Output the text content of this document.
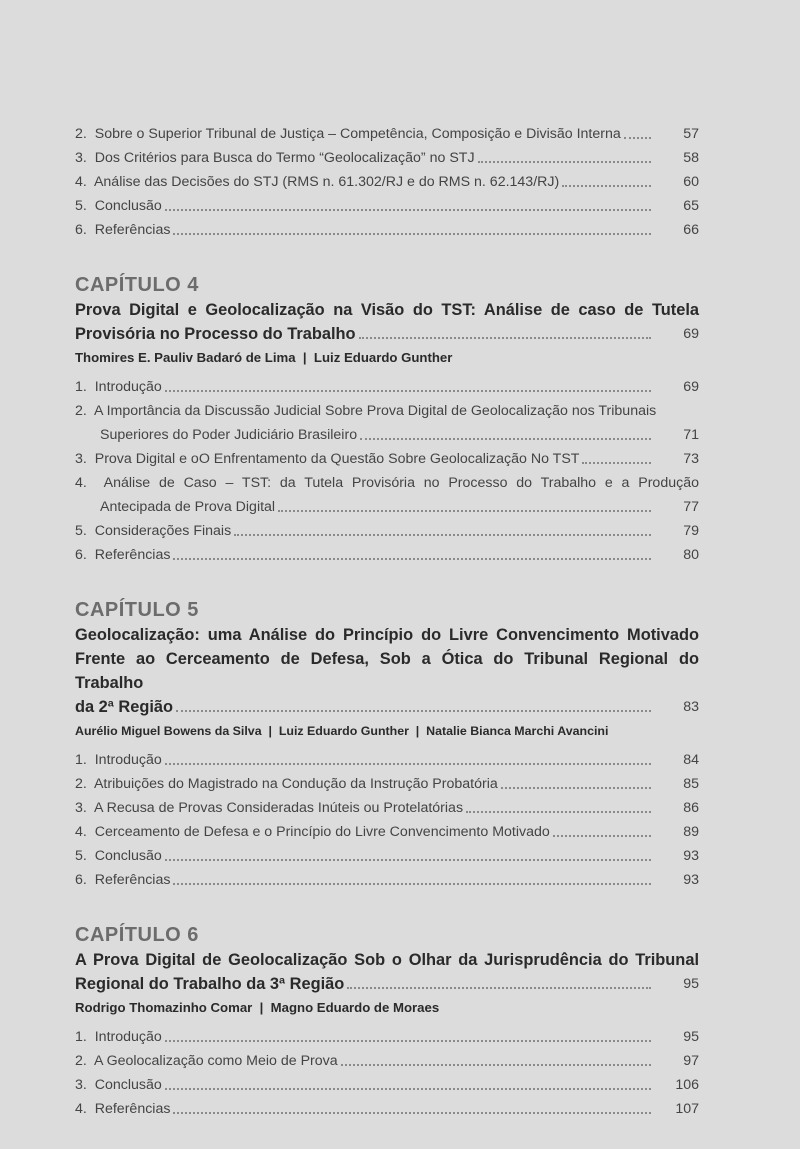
2. Sobre o Superior Tribunal de Justiça – Competência, Composição e Divisão Interna	57
3. Dos Critérios para Busca do Termo “Geolocalização” no STJ	58
4. Análise das Decisões do STJ (RMS n. 61.302/RJ e do RMS n. 62.143/RJ)	60
5. Conclusão	65
6. Referências	66
CAPÍTULO 4
Prova Digital e Geolocalização na Visão do TST: Análise de caso de Tutela
Provisória no Processo do Trabalho	69
Thomires E. Pauliv Badaró de Lima  |  Luiz Eduardo Gunther
1. Introdução	69
2. A Importância da Discussão Judicial Sobre Prova Digital de Geolocalização nos Tribunais
Superiores do Poder Judiciário Brasileiro	71
3. Prova Digital e oO Enfrentamento da Questão Sobre Geolocalização No TST	73
4. Análise de Caso – TST: da Tutela Provisória no Processo do Trabalho e a Produção
Antecipada de Prova Digital	77
5. Considerações Finais	79
6. Referências	80
CAPÍTULO 5
Geolocalização: uma Análise do Princípio do Livre Convencimento Motivado
Frente ao Cerceamento de Defesa, Sob a Ótica do Tribunal Regional do Trabalho
da 2ª Região	83
Aurélio Miguel Bowens da Silva  |  Luiz Eduardo Gunther  |  Natalie Bianca Marchi Avancini
1. Introdução	84
2. Atribuições do Magistrado na Condução da Instrução Probatória	85
3. A Recusa de Provas Consideradas Inúteis ou Protelatórias	86
4. Cerceamento de Defesa e o Princípio do Livre Convencimento Motivado	89
5. Conclusão	93
6. Referências	93
CAPÍTULO 6
A Prova Digital de Geolocalização Sob o Olhar da Jurisprudência do Tribunal
Regional do Trabalho da 3ª Região	95
Rodrigo Thomazinho Comar  |  Magno Eduardo de Moraes
1. Introdução	95
2. A Geolocalização como Meio de Prova	97
3. Conclusão	106
4. Referências	107
